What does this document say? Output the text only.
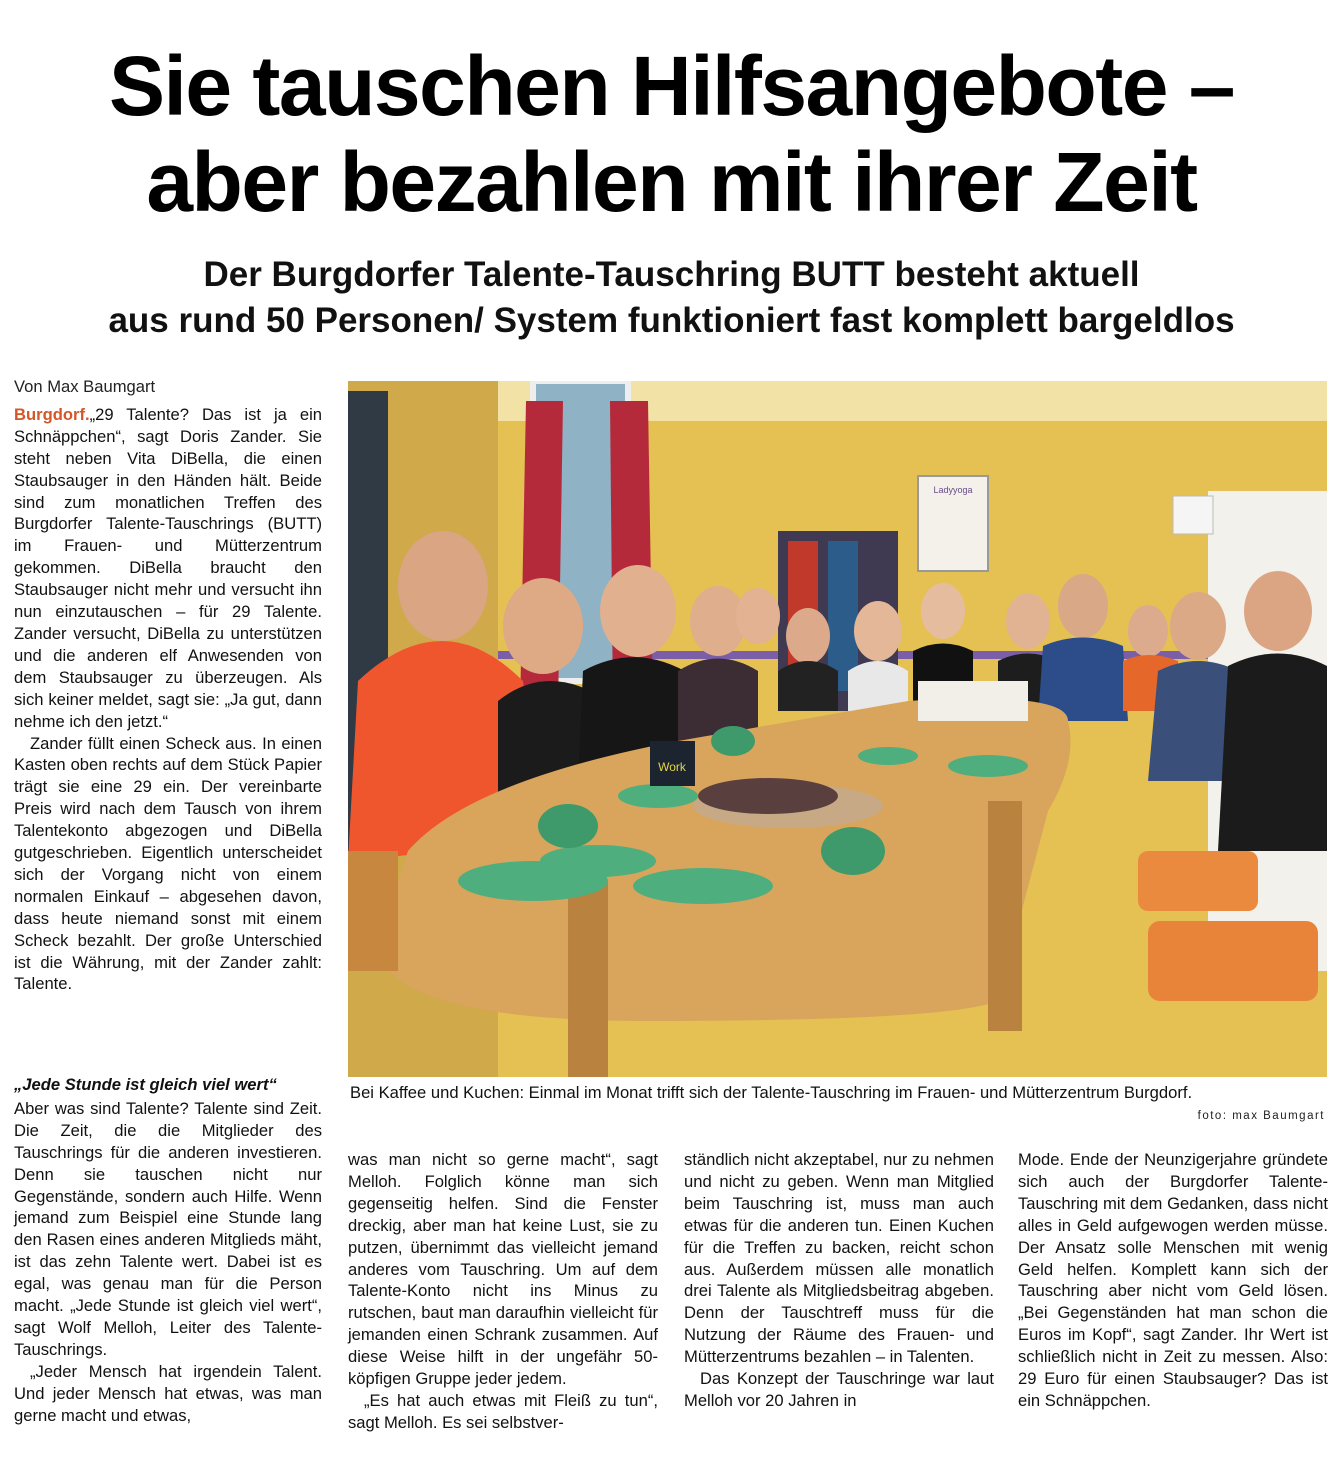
Sie tauschen Hilfsangebote –
aber bezahlen mit ihrer Zeit
Der Burgdorfer Talente-Tauschring BUTT besteht aktuell
aus rund 50 Personen/ System funktioniert fast komplett bargeldlos

Von Max Baumgart

Burgdorf.„29 Talente? Das ist ja ein Schnäppchen“, sagt Doris Zander. Sie steht neben Vita DiBella, die einen Staubsauger in den Händen hält. Beide sind zum monatlichen Treffen des Burgdorfer Talente-Tauschrings (BUTT) im Frauen- und Mütterzentrum gekommen. DiBella braucht den Staubsauger nicht mehr und versucht ihn nun einzutauschen – für 29 Talente. Zander versucht, DiBella zu unterstützen und die anderen elf Anwesenden von dem Staubsauger zu überzeugen. Als sich keiner meldet, sagt sie: „Ja gut, dann nehme ich den jetzt.“

Zander füllt einen Scheck aus. In einen Kasten oben rechts auf dem Stück Papier trägt sie eine 29 ein. Der vereinbarte Preis wird nach dem Tausch von ihrem Talentekonto abgezogen und DiBella gutgeschrieben. Eigentlich unterscheidet sich der Vorgang nicht von einem normalen Einkauf – abgesehen davon, dass heute niemand sonst mit einem Scheck bezahlt. Der große Unterschied ist die Währung, mit der Zander zahlt: Talente.

„Jede Stunde ist gleich viel wert“

Aber was sind Talente? Talente sind Zeit. Die Zeit, die die Mitglieder des Tauschrings für die anderen investieren. Denn sie tauschen nicht nur Gegenstände, sondern auch Hilfe. Wenn jemand zum Beispiel eine Stunde lang den Rasen eines anderen Mitglieds mäht, ist das zehn Talente wert. Dabei ist es egal, was genau man für die Person macht. „Jede Stunde ist gleich viel wert“, sagt Wolf Melloh, Leiter des Talente-Tauschrings.

„Jeder Mensch hat irgendein Talent. Und jeder Mensch hat etwas, was man gerne macht und etwas,

was man nicht so gerne macht“, sagt Melloh. Folglich könne man sich gegenseitig helfen. Sind die Fenster dreckig, aber man hat keine Lust, sie zu putzen, übernimmt das vielleicht jemand anderes vom Tauschring. Um auf dem Talente-Konto nicht ins Minus zu rutschen, baut man daraufhin vielleicht für jemanden einen Schrank zusammen. Auf diese Weise hilft in der ungefähr 50-köpfigen Gruppe jeder jedem.

„Es hat auch etwas mit Fleiß zu tun“, sagt Melloh. Es sei selbstver-

ständlich nicht akzeptabel, nur zu nehmen und nicht zu geben. Wenn man Mitglied beim Tauschring ist, muss man auch etwas für die anderen tun. Einen Kuchen für die Treffen zu backen, reicht schon aus. Außerdem müssen alle monatlich drei Talente als Mitgliedsbeitrag abgeben. Denn der Tauschtreff muss für die Nutzung der Räume des Frauen- und Mütterzentrums bezahlen – in Talenten.

Das Konzept der Tauschringe war laut Melloh vor 20 Jahren in

Mode. Ende der Neunzigerjahre gründete sich auch der Burgdorfer Talente-Tauschring mit dem Gedanken, dass nicht alles in Geld aufgewogen werden müsse. Der Ansatz solle Menschen mit wenig Geld helfen. Komplett kann sich der Tauschring aber nicht vom Geld lösen. „Bei Gegenständen hat man schon die Euros im Kopf“, sagt Zander. Ihr Wert ist schließlich nicht in Zeit zu messen. Also: 29 Euro für einen Staubsauger? Das ist ein Schnäppchen.

Ladyyoga
Work

Bei Kaffee und Kuchen: Einmal im Monat trifft sich der Talente-Tauschring im Frauen- und Mütterzentrum Burgdorf.

foto: max Baumgart
